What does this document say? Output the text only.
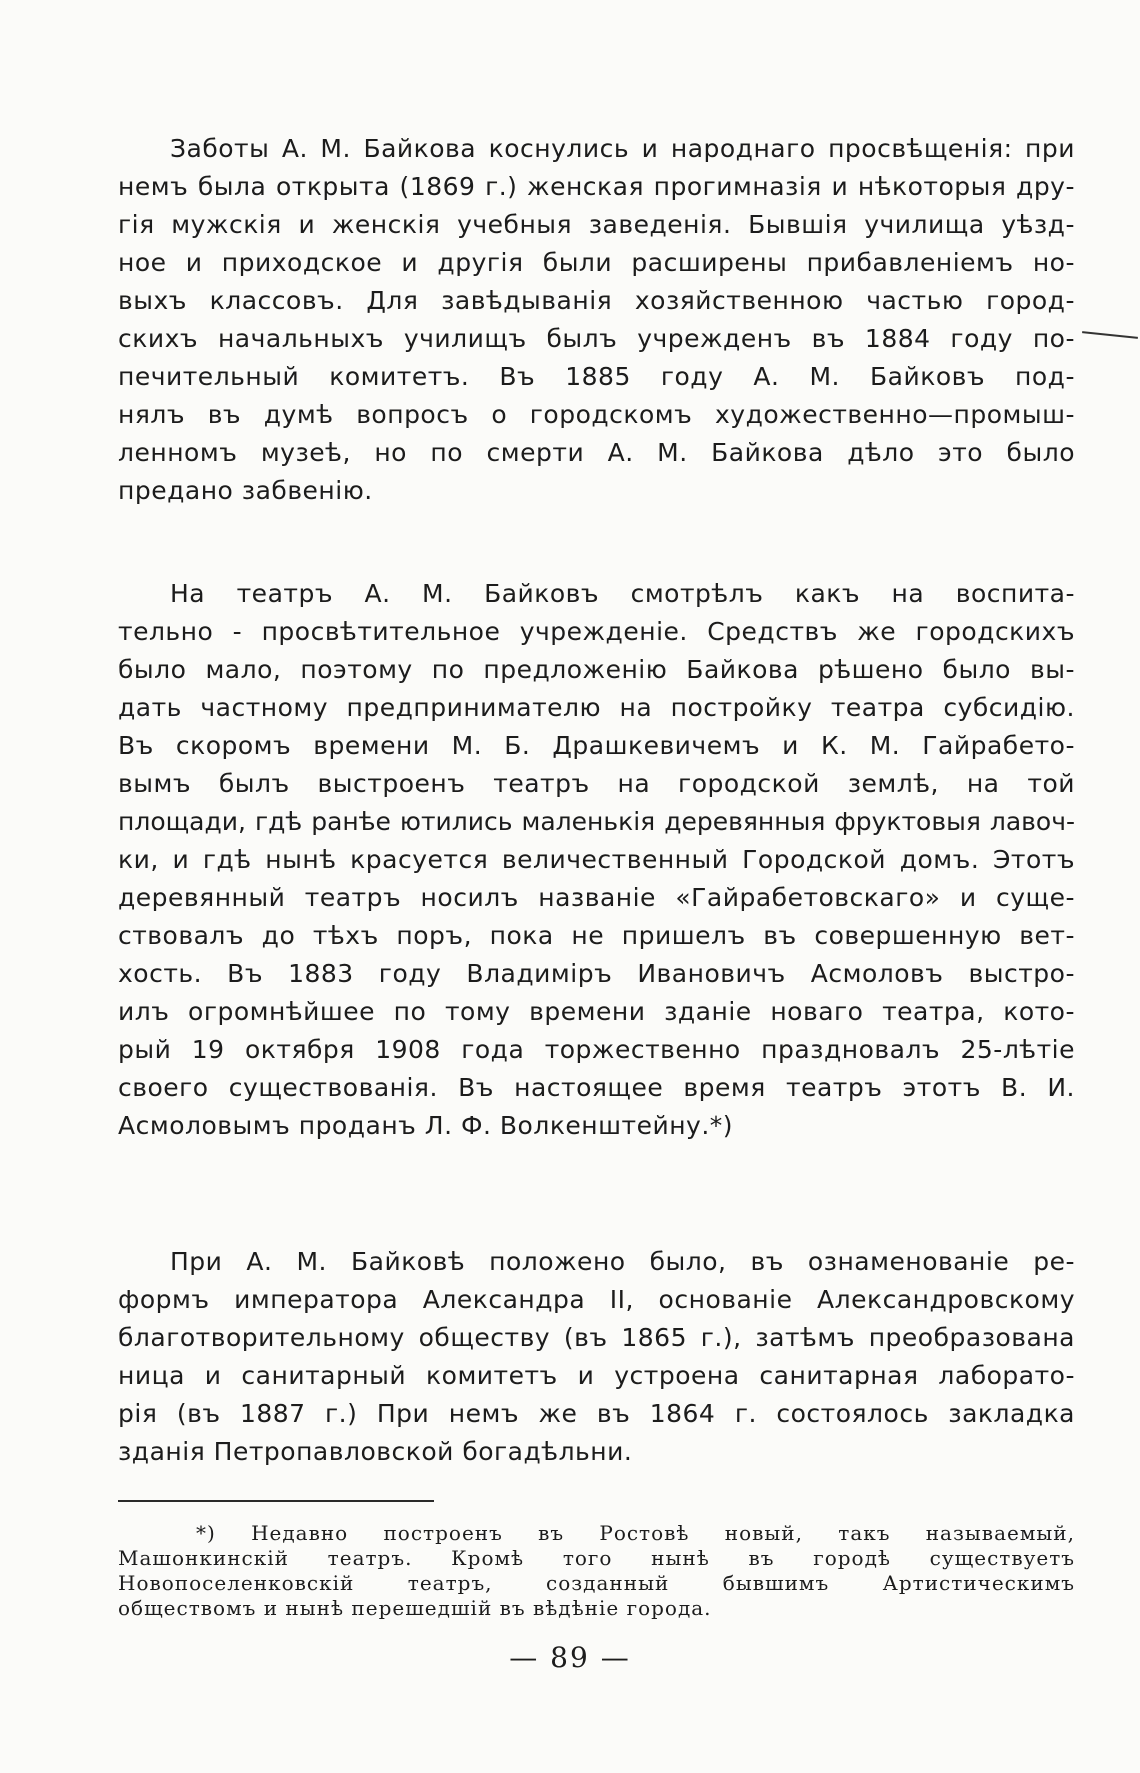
Заботы А. М. Байкова коснулись и народнаго просвѣщенія: при
немъ была открыта (1869 г.) женская прогимназія и нѣкоторыя дру-
гія мужскія и женскія учебныя заведенія. Бывшія училища уѣзд-
ное и приходское и другія были расширены прибавленіемъ но-
выхъ классовъ. Для завѣдыванія хозяйственною частью город-
скихъ начальныхъ училищъ былъ учрежденъ въ 1884 году по-
печительный комитетъ. Въ 1885 году А. М. Байковъ под-
нялъ въ думѣ вопросъ о городскомъ художественно—промыш-
ленномъ музеѣ, но по смерти А. М. Байкова дѣло это было
предано забвенію.
На театръ А. М. Байковъ смотрѣлъ какъ на воспита-
тельно - просвѣтительное учрежденіе. Средствъ же городскихъ
было мало, поэтому по предложенію Байкова рѣшено было вы-
дать частному предпринимателю на постройку театра субсидію.
Въ скоромъ времени М. Б. Драшкевичемъ и К. М. Гайрабето-
вымъ былъ выстроенъ театръ на городской землѣ, на той
площади, гдѣ ранѣе ютились маленькія деревянныя фруктовыя лавоч-
ки, и гдѣ нынѣ красуется величественный Городской домъ. Этотъ
деревянный театръ носилъ названіе «Гайрабетовскаго» и суще-
ствовалъ до тѣхъ поръ, пока не пришелъ въ совершенную вет-
хость. Въ 1883 году Владиміръ Ивановичъ Асмоловъ выстро-
илъ огромнѣйшее по тому времени зданіе новаго театра, кото-
рый 19 октября 1908 года торжественно праздновалъ 25-лѣтіе
своего существованія. Въ настоящее время театръ этотъ В. И.
Асмоловымъ проданъ Л. Ф. Волкенштейну.*)
При А. М. Байковѣ положено было, въ ознаменованіе ре-
формъ императора Александра II, основаніе Александровскому
благотворительному обществу (въ 1865 г.), затѣмъ преобразована
ница и санитарный комитетъ и устроена санитарная лаборато-
рія (въ 1887 г.) При немъ же въ 1864 г. состоялось закладка
зданія Петропавловской богадѣльни.
*) Недавно построенъ въ Ростовѣ новый, такъ называемый,
Машонкинскій театръ. Кромѣ того нынѣ въ городѣ существуетъ
Новопоселенковскій театръ, созданный бывшимъ Артистическимъ
обществомъ и нынѣ перешедшій въ вѣдѣніе города.
— 89 —
